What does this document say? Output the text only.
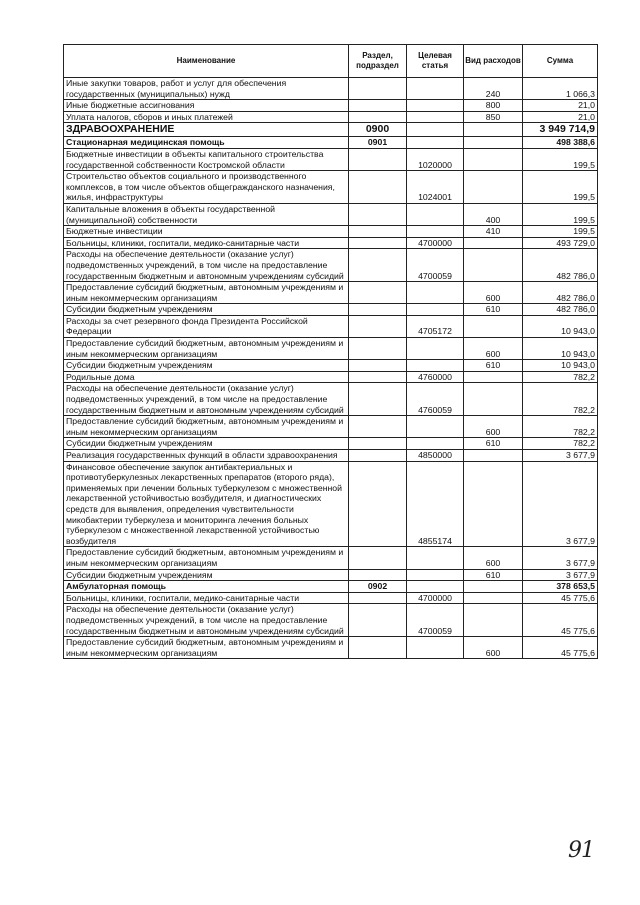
Наименование	Раздел, подраздел	Целевая статья	Вид расходов	Сумма
Иные закупки товаров, работ и услуг для обеспечения государственных (муниципальных) нужд			240	1 066,3
Иные бюджетные ассигнования			800	21,0
Уплата налогов, сборов и иных платежей			850	21,0
ЗДРАВООХРАНЕНИЕ	0900			3 949 714,9
Стационарная медицинская помощь	0901			498 388,6
Бюджетные инвестиции в объекты капитального строительства государственной собственности Костромской области		1020000		199,5
Строительство объектов социального и производственного комплексов, в том числе объектов общегражданского назначения, жилья, инфраструктуры		1024001		199,5
Капитальные вложения в объекты государственной (муниципальной) собственности			400	199,5
Бюджетные инвестиции			410	199,5
Больницы, клиники, госпитали, медико-санитарные части		4700000		493 729,0
Расходы на обеспечение деятельности (оказание услуг) подведомственных учреждений, в том числе на предоставление государственным бюджетным и автономным учреждениям субсидий		4700059		482 786,0
Предоставление субсидий бюджетным, автономным учреждениям и иным некоммерческим организациям			600	482 786,0
Субсидии бюджетным учреждениям			610	482 786,0
Расходы за счет резервного фонда Президента Российской Федерации		4705172		10 943,0
Предоставление субсидий бюджетным, автономным учреждениям и иным некоммерческим организациям			600	10 943,0
Субсидии бюджетным учреждениям			610	10 943,0
Родильные дома		4760000		782,2
Расходы на обеспечение деятельности (оказание услуг) подведомственных учреждений, в том числе на предоставление государственным бюджетным и автономным учреждениям субсидий		4760059		782,2
Предоставление субсидий бюджетным, автономным учреждениям и иным некоммерческим организациям			600	782,2
Субсидии бюджетным учреждениям			610	782,2
Реализация государственных функций в области здравоохранения		4850000		3 677,9
Финансовое обеспечение закупок антибактериальных и противотуберкулезных лекарственных препаратов (второго ряда), применяемых при лечении больных туберкулезом с множественной лекарственной устойчивостью возбудителя, и диагностических средств для выявления, определения чувствительности микобактерии туберкулеза и мониторинга лечения больных туберкулезом с множественной лекарственной устойчивостью возбудителя		4855174		3 677,9
Предоставление субсидий бюджетным, автономным учреждениям и иным некоммерческим организациям			600	3 677,9
Субсидии бюджетным учреждениям			610	3 677,9
Амбулаторная помощь	0902			378 653,5
Больницы, клиники, госпитали, медико-санитарные части		4700000		45 775,6
Расходы на обеспечение деятельности (оказание услуг) подведомственных учреждений, в том числе на предоставление государственным бюджетным и автономным учреждениям субсидий		4700059		45 775,6
Предоставление субсидий бюджетным, автономным учреждениям и иным некоммерческим организациям			600	45 775,6
91
